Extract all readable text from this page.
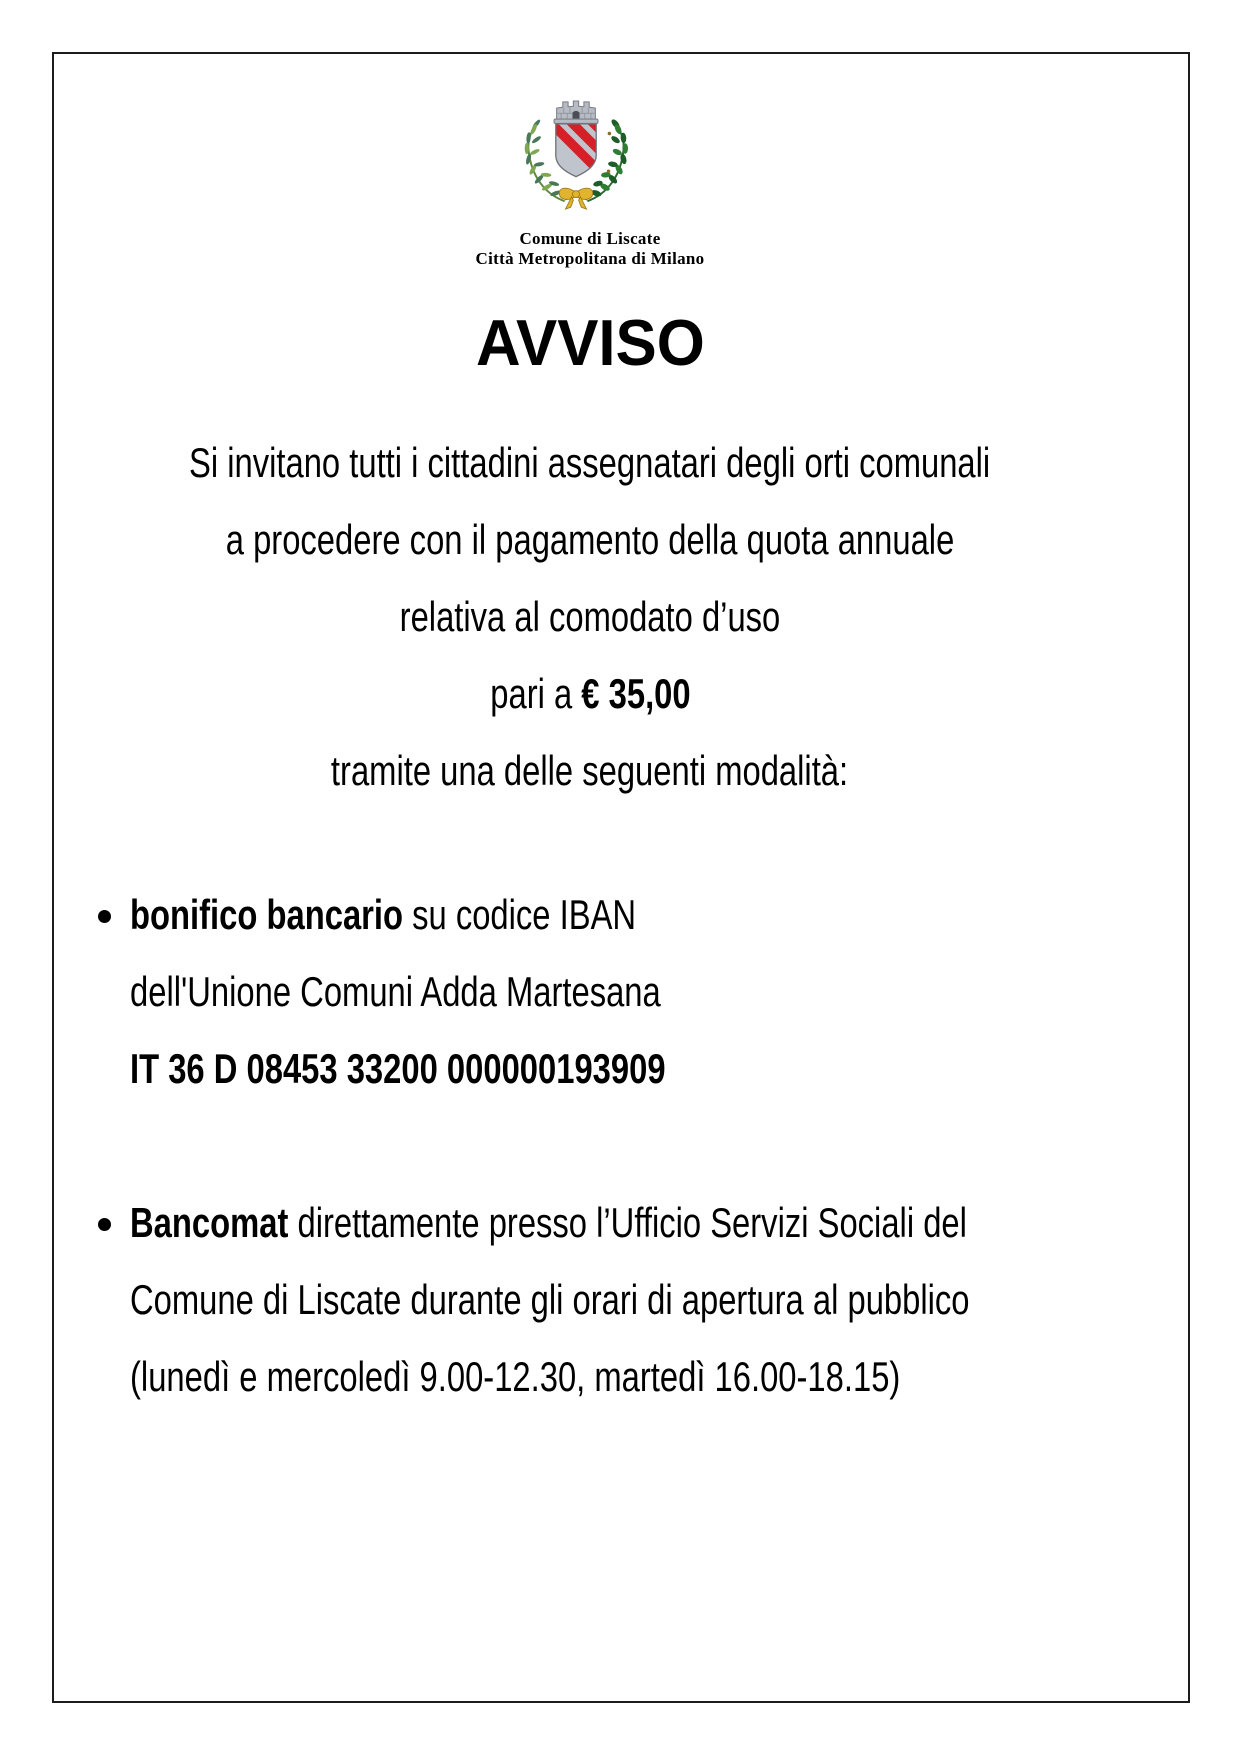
Comune di Liscate
Città Metropolitana di Milano
AVVISO
Si invitano tutti i cittadini assegnatari degli orti comunali
a procedere con il pagamento della quota annuale
relativa al comodato d’uso
pari a € 35,00
tramite una delle seguenti modalità:
bonifico bancario su codice IBAN
dell'Unione Comuni Adda Martesana
IT 36 D 08453 33200 000000193909
Bancomat direttamente presso l’Ufficio Servizi Sociali del
Comune di Liscate durante gli orari di apertura al pubblico
(lunedì e mercoledì 9.00-12.30, martedì 16.00-18.15)
